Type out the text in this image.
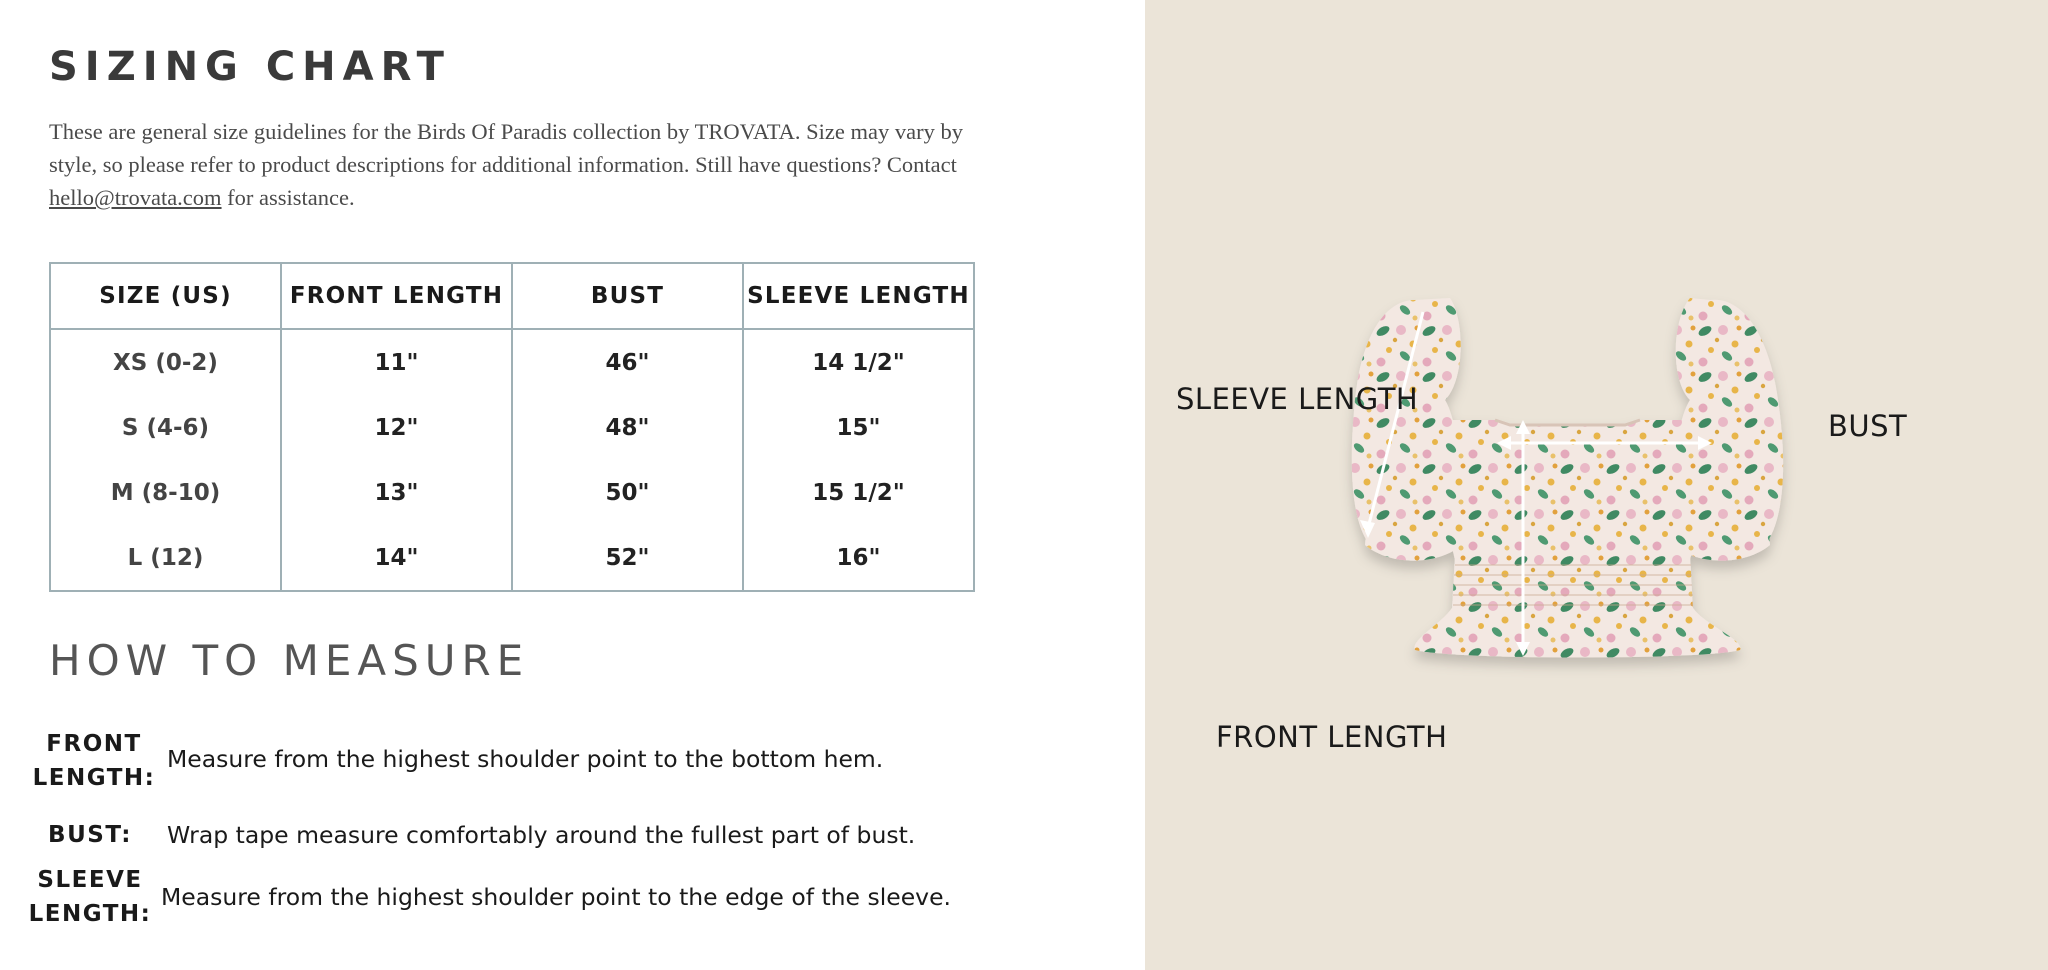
SIZING CHART

These are general size guidelines for the Birds Of Paradis collection by TROVATA. Size may vary by style, so please refer to product descriptions for additional information. Still have questions? Contact hello@trovata.com for assistance.

SIZE (US)	FRONT LENGTH	BUST	SLEEVE LENGTH
XS (0-2)	11"	46"	14 1/2"
S (4-6)	12"	48"	15"
M (8-10)	13"	50"	15 1/2"
L (12)	14"	52"	16"
HOW TO MEASURE
FRONT
LENGTH:
Measure from the highest shoulder point to the bottom hem.
BUST:	Wrap tape measure comfortably around the fullest part of bust.
SLEEVE
LENGTH:
Measure from the highest shoulder point to the edge of the sleeve.
SLEEVE LENGTH
BUST
FRONT LENGTH
